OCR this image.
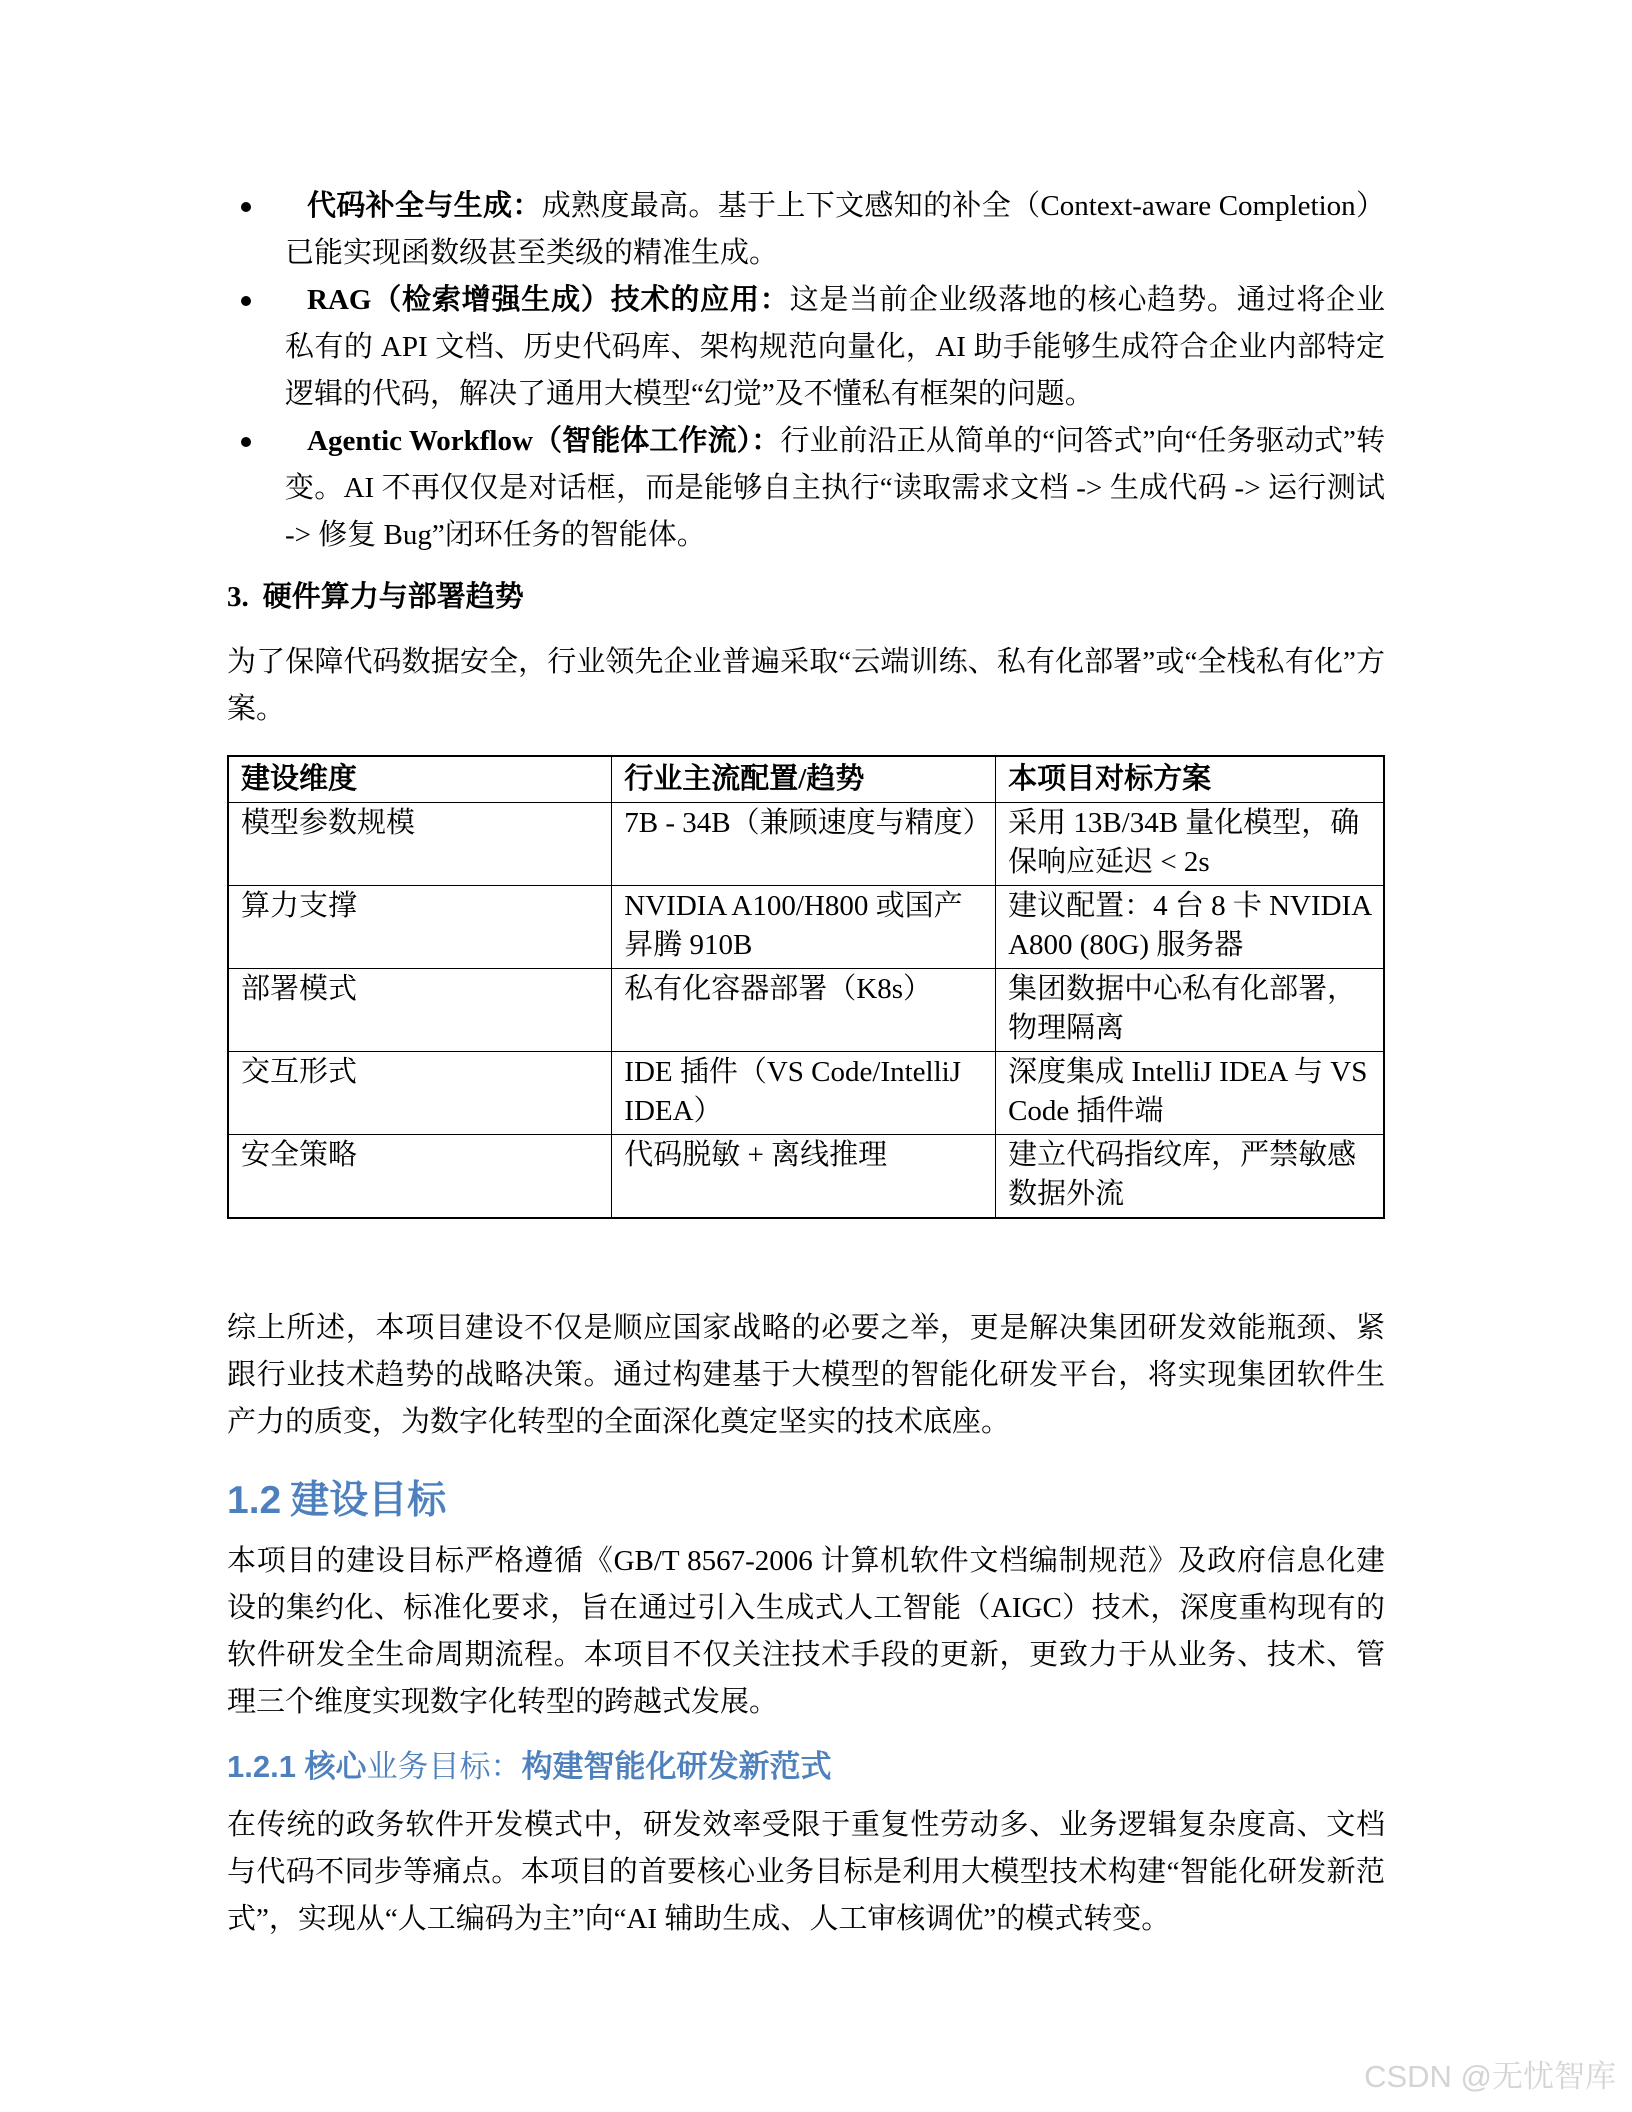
代码补全与生成：成熟度最高。基于上下文感知的补全（Context-aware Completion）已能实现函数级甚至类级的精准生成。
RAG（检索增强生成）技术的应用：这是当前企业级落地的核心趋势。通过将企业私有的 API 文档、历史代码库、架构规范向量化，AI 助手能够生成符合企业内部特定逻辑的代码，解决了通用大模型“幻觉”及不懂私有框架的问题。
Agentic Workflow（智能体工作流）：行业前沿正从简单的“问答式”向“任务驱动式”转变。AI 不再仅仅是对话框，而是能够自主执行“读取需求文档 -> 生成代码 -> 运行测试 -> 修复 Bug”闭环任务的智能体。
3. 硬件算力与部署趋势

为了保障代码数据安全，行业领先企业普遍采取“云端训练、私有化部署”或“全栈私有化”方案。

建设维度	行业主流配置/趋势	本项目对标方案
模型参数规模	7B - 34B（兼顾速度与精度）	采用 13B/34B 量化模型，确保响应延迟 < 2s
算力支撑	NVIDIA A100/H800 或国产昇腾 910B	建议配置：4 台 8 卡 NVIDIA A800 (80G) 服务器
部署模式	私有化容器部署（K8s）	集团数据中心私有化部署，物理隔离
交互形式	IDE 插件（VS Code/IntelliJ IDEA）	深度集成 IntelliJ IDEA 与 VS Code 插件端
安全策略	代码脱敏 + 离线推理	建立代码指纹库，严禁敏感数据外流

综上所述，本项目建设不仅是顺应国家战略的必要之举，更是解决集团研发效能瓶颈、紧跟行业技术趋势的战略决策。通过构建基于大模型的智能化研发平台，将实现集团软件生产力的质变，为数字化转型的全面深化奠定坚实的技术底座。

1.2 建设目标

本项目的建设目标严格遵循《GB/T 8567-2006 计算机软件文档编制规范》及政府信息化建设的集约化、标准化要求，旨在通过引入生成式人工智能（AIGC）技术，深度重构现有的软件研发全生命周期流程。本项目不仅关注技术手段的更新，更致力于从业务、技术、管理三个维度实现数字化转型的跨越式发展。

1.2.1 核心业务目标：构建智能化研发新范式

在传统的政务软件开发模式中，研发效率受限于重复性劳动多、业务逻辑复杂度高、文档与代码不同步等痛点。本项目的首要核心业务目标是利用大模型技术构建“智能化研发新范式”，实现从“人工编码为主”向“AI 辅助生成、人工审核调优”的模式转变。

CSDN @无忧智库
